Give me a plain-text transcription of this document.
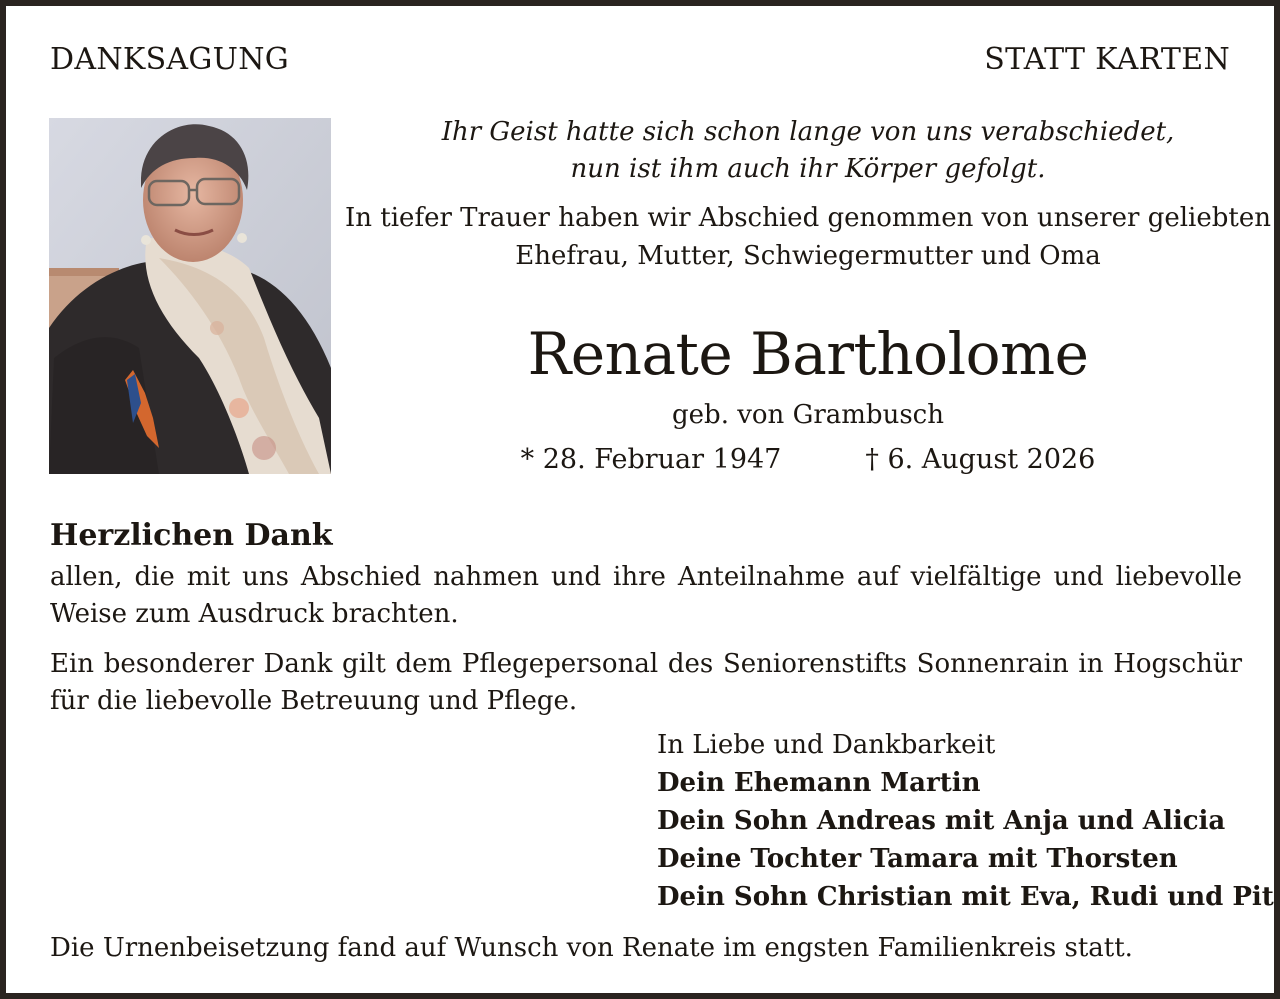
DANKSAGUNG	STATT KARTEN

Ihr Geist hatte sich schon lange von uns verabschiedet,
nun ist ihm auch ihr Körper gefolgt.

In tiefer Trauer haben wir Abschied genommen von unserer geliebten
Ehefrau, Mutter, Schwiegermutter und Oma

Renate Bartholome

geb. von Grambusch

* 28. Februar 1947	† 6. August 2026

Herzlichen Dank

allen, die mit uns Abschied nahmen und ihre Anteilnahme auf vielfältige und liebevolle Weise zum Ausdruck brachten.

Ein besonderer Dank gilt dem Pflegepersonal des Seniorenstifts Sonnenrain in Hogschür für die liebevolle Betreuung und Pflege.

In Liebe und Dankbarkeit
Dein Ehemann Martin
Dein Sohn Andreas mit Anja und Alicia
Deine Tochter Tamara mit Thorsten
Dein Sohn Christian mit Eva, Rudi und Pit

Die Urnenbeisetzung fand auf Wunsch von Renate im engsten Familienkreis statt.
